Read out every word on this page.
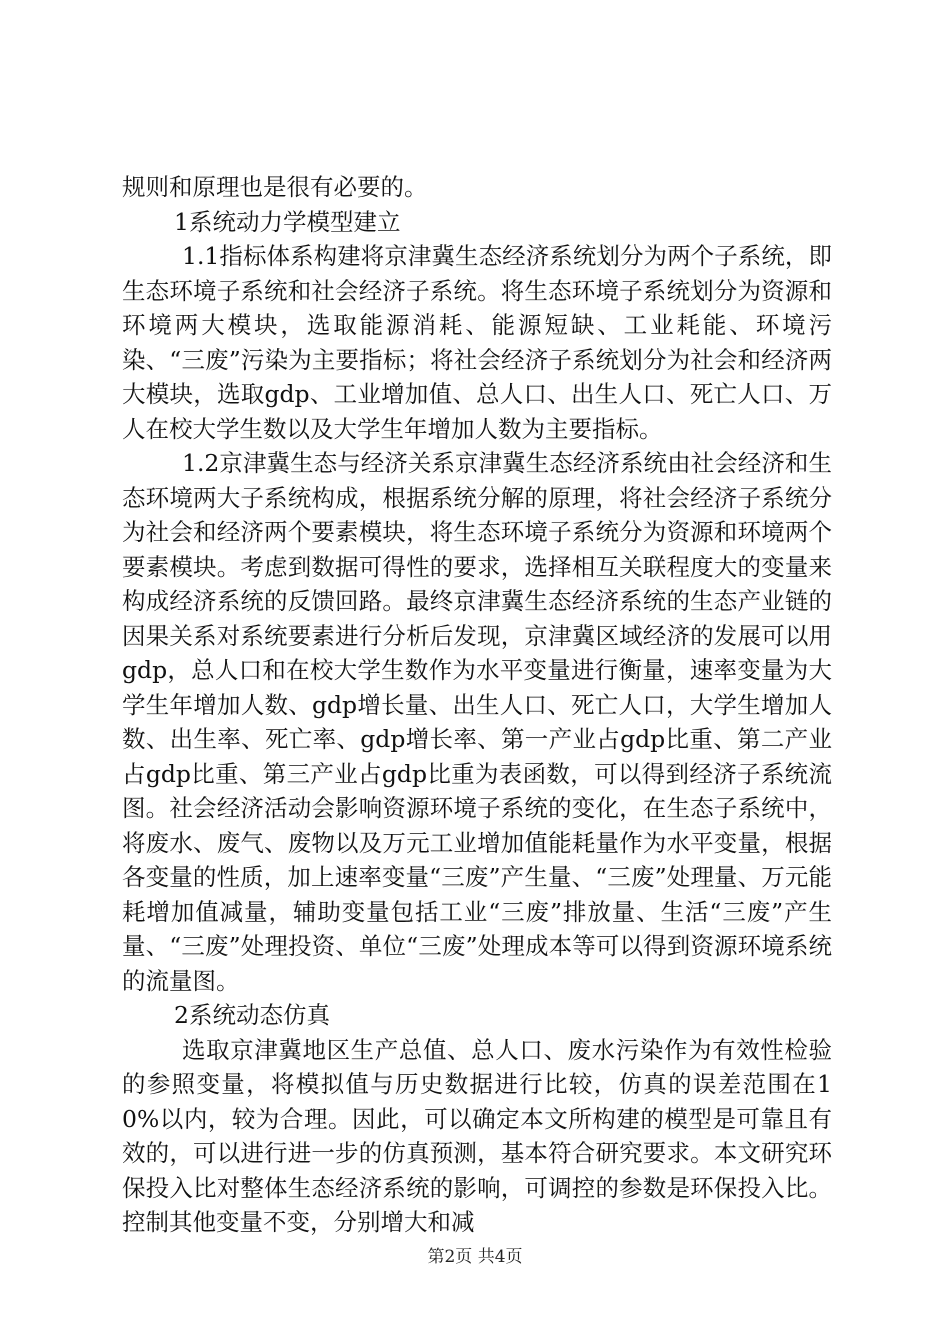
规则和原理也是很有必要的。

1系统动力学模型建立

1.1指标体系构建将京津冀生态经济系统划分为两个子系统，即生态环境子系统和社会经济子系统。将生态环境子系统划分为资源和环境两大模块，选取能源消耗、能源短缺、工业耗能、环境污染、“三废”污染为主要指标；将社会经济子系统划分为社会和经济两大模块，选取gdp、工业增加值、总人口、出生人口、死亡人口、万人在校大学生数以及大学生年增加人数为主要指标。

1.2京津冀生态与经济关系京津冀生态经济系统由社会经济和生态环境两大子系统构成，根据系统分解的原理，将社会经济子系统分为社会和经济两个要素模块，将生态环境子系统分为资源和环境两个要素模块。考虑到数据可得性的要求，选择相互关联程度大的变量来构成经济系统的反馈回路。最终京津冀生态经济系统的生态产业链的因果关系对系统要素进行分析后发现，京津冀区域经济的发展可以用gdp，总人口和在校大学生数作为水平变量进行衡量，速率变量为大学生年增加人数、gdp增长量、出生人口、死亡人口，大学生增加人数、出生率、死亡率、gdp增长率、第一产业占gdp比重、第二产业占gdp比重、第三产业占gdp比重为表函数，可以得到经济子系统流图。社会经济活动会影响资源环境子系统的变化，在生态子系统中，将废水、废气、废物以及万元工业增加值能耗量作为水平变量，根据各变量的性质，加上速率变量“三废”产生量、“三废”处理量、万元能耗增加值减量，辅助变量包括工业“三废”排放量、生活“三废”产生量、“三废”处理投资、单位“三废”处理成本等可以得到资源环境系统的流量图。

2系统动态仿真

选取京津冀地区生产总值、总人口、废水污染作为有效性检验的参照变量，将模拟值与历史数据进行比较，仿真的误差范围在10%以内，较为合理。因此，可以确定本文所构建的模型是可靠且有效的，可以进行进一步的仿真预测，基本符合研究要求。本文研究环保投入比对整体生态经济系统的影响，可调控的参数是环保投入比。控制其他变量不变，分别增大和减

第2页 共4页
